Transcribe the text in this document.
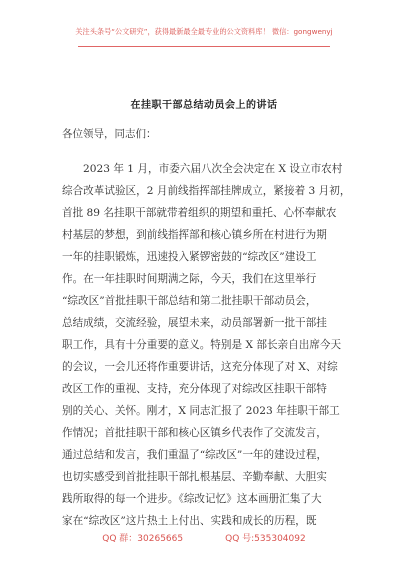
关注头条号“公文研究”，获得最新最全最专业的公文资料库！ 微信：gongwenyj
在挂职干部总结动员会上的讲话
各位领导，同志们：
2023 年 1 月，市委六届八次全会决定在 X 设立市农村
综合改革试验区，2 月前线指挥部挂牌成立，紧接着 3 月初，
首批 89 名挂职干部就带着组织的期望和重托、心怀奉献农
村基层的梦想，到前线指挥部和核心镇乡所在村进行为期
一年的挂职锻炼，迅速投入紧锣密鼓的“综改区”建设工
作。在一年挂职时间期满之际，今天，我们在这里举行
“综改区”首批挂职干部总结和第二批挂职干部动员会，
总结成绩，交流经验，展望未来，动员部署新一批干部挂
职工作，具有十分重要的意义。特别是 X 部长亲自出席今天
的会议，一会儿还将作重要讲话，这充分体现了对 X、对综
改区工作的重视、支持，充分体现了对综改区挂职干部特
别的关心、关怀。刚才，X 同志汇报了 2023 年挂职干部工
作情况；首批挂职干部和核心区镇乡代表作了交流发言，
通过总结和发言，我们重温了“综改区”一年的建设过程，
也切实感受到首批挂职干部扎根基层、辛勤奉献、大胆实
践所取得的每一个进步。《综改记忆》这本画册汇集了大
家在“综改区”这片热土上付出、实践和成长的历程，既
QQ 群：30265665	QQ 号:535304092
